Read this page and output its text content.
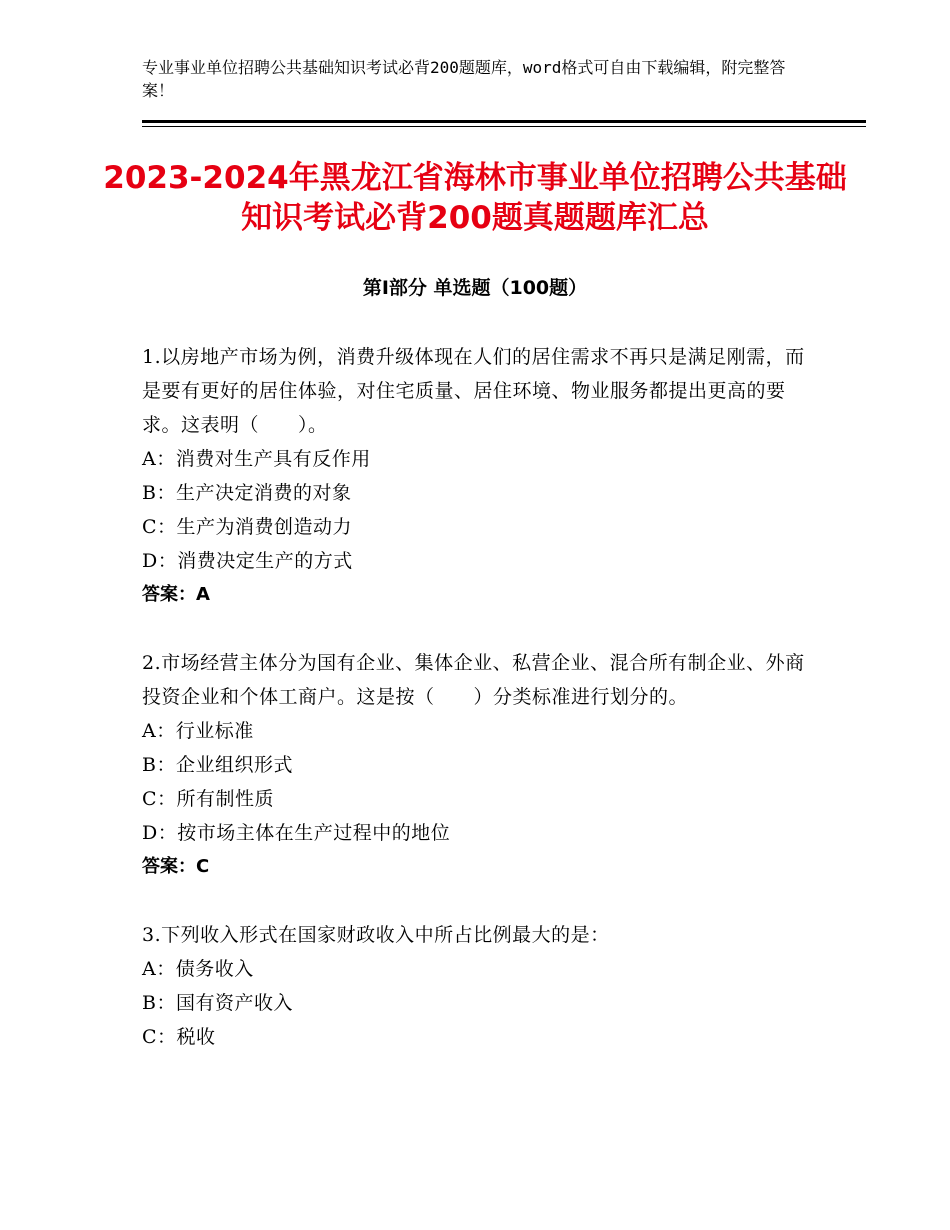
专业事业单位招聘公共基础知识考试必背200题题库，word格式可自由下载编辑，附完整答案！
2023-2024年黑龙江省海林市事业单位招聘公共基础知识考试必背200题真题题库汇总
第Ⅰ部分 单选题（100题）
1.以房地产市场为例，消费升级体现在人们的居住需求不再只是满足刚需，而是要有更好的居住体验，对住宅质量、居住环境、物业服务都提出更高的要求。这表明（　　）。
A：消费对生产具有反作用
B：生产决定消费的对象
C：生产为消费创造动力
D：消费决定生产的方式
答案：A
2.市场经营主体分为国有企业、集体企业、私营企业、混合所有制企业、外商投资企业和个体工商户。这是按（　　）分类标准进行划分的。
A：行业标准
B：企业组织形式
C：所有制性质
D：按市场主体在生产过程中的地位
答案：C
3.下列收入形式在国家财政收入中所占比例最大的是：
A：债务收入
B：国有资产收入
C：税收
